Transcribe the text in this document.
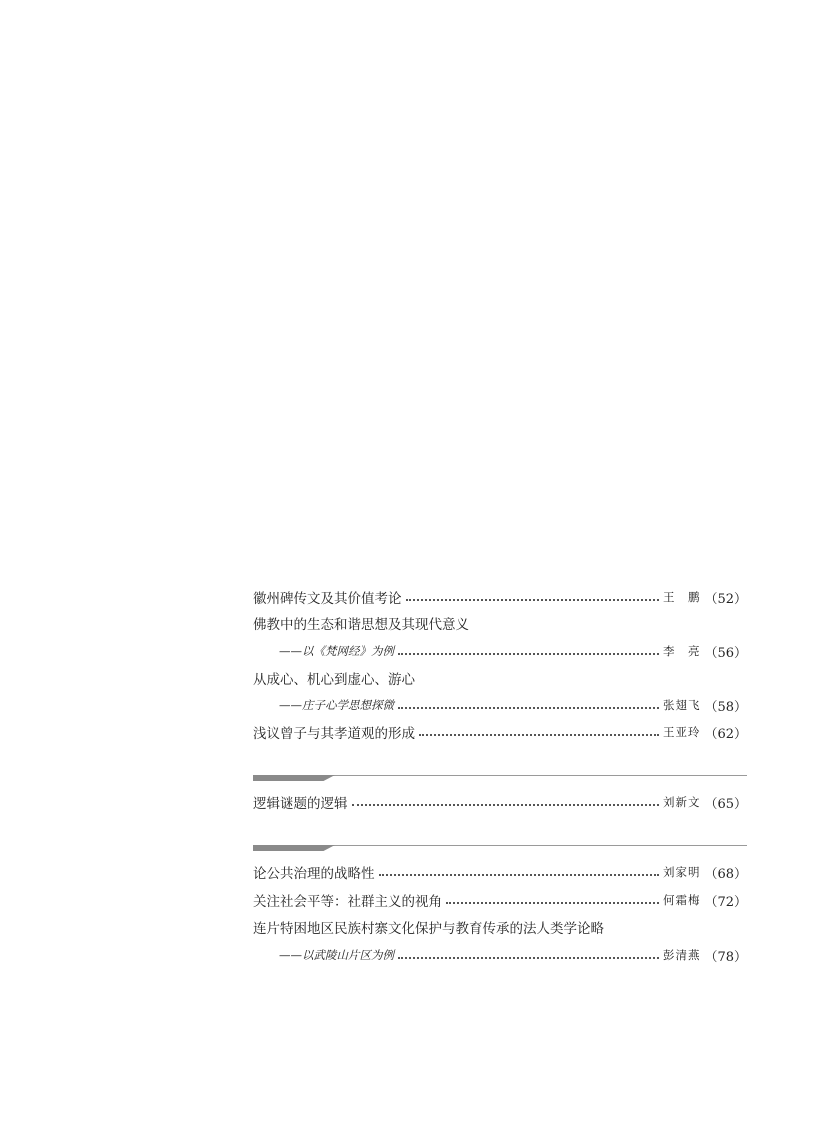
徽州碑传文及其价值考论	王　鹏 （52）
佛教中的生态和谐思想及其现代意义
——以《梵网经》为例	李　亮 （56）
从成心、机心到虚心、游心
——庄子心学思想探微	张翅飞 （58）
浅议曾子与其孝道观的形成	王亚玲 （62）
逻辑谜题的逻辑	刘新文 （65）
论公共治理的战略性	刘家明 （68）
关注社会平等：社群主义的视角	何霜梅 （72）
连片特困地区民族村寨文化保护与教育传承的法人类学论略
——以武陵山片区为例	彭清燕 （78）
